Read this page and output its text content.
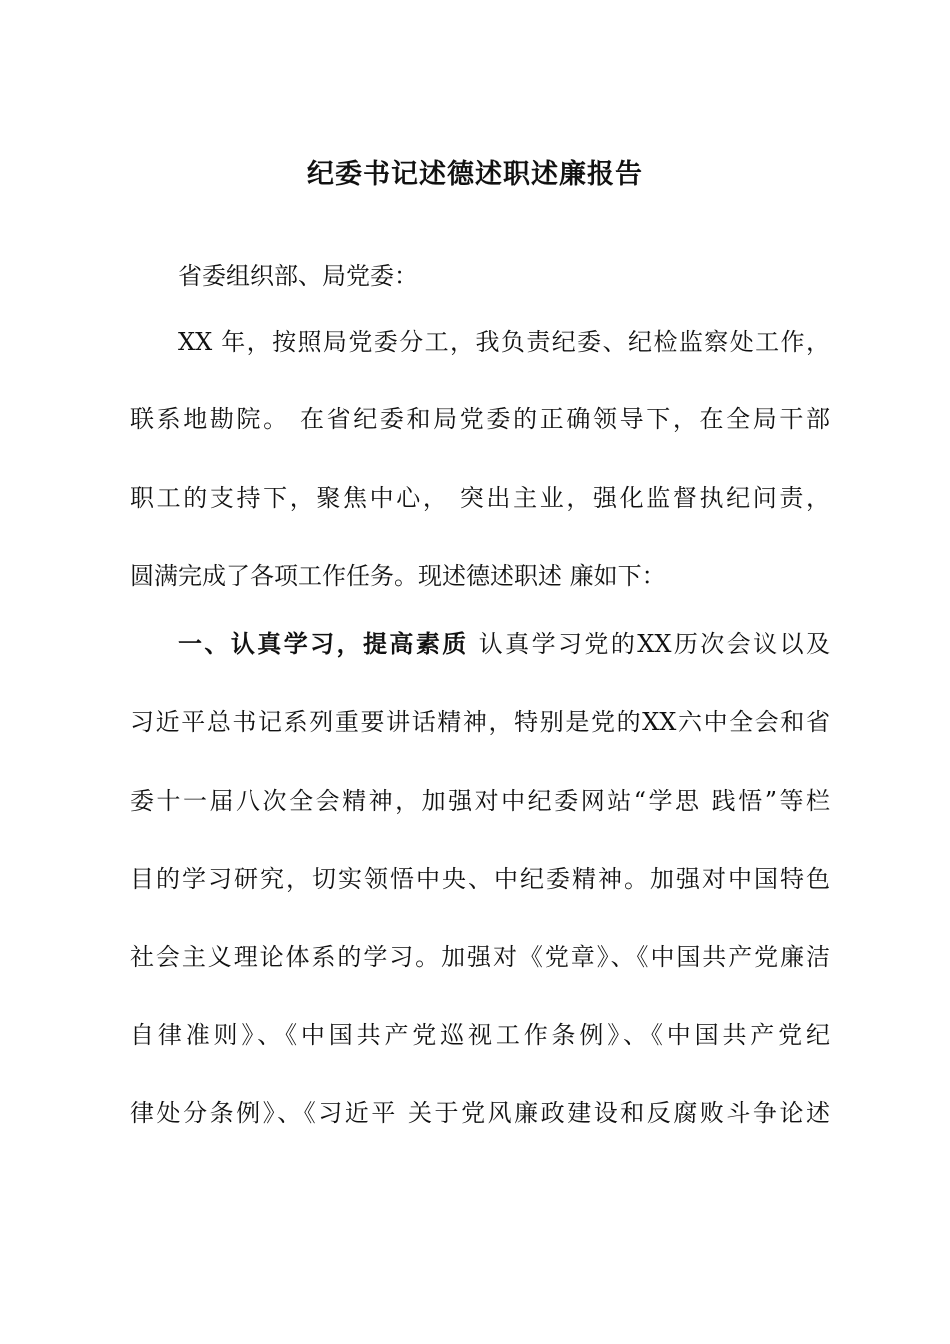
纪委书记述德述职述廉报告
省委组织部、局党委：
XX 年，按照局党委分工，我负责纪委、纪检监察处工作，
联系地勘院。 在省纪委和局党委的正确领导下，在全局干部
职工的支持下，聚焦中心， 突出主业，强化监督执纪问责，
圆满完成了各项工作任务。现述德述职述 廉如下：
一、认真学习，提高素质 认真学习党的XX历次会议以及
习近平总书记系列重要讲话精神，特别是党的XX六中全会和省
委十一届八次全会精神，加强对中纪委网站“学思 践悟”等栏
目的学习研究，切实领悟中央、中纪委精神。加强对中国特色
社会主义理论体系的学习。加强对《党章》、《中国共产党廉洁
自律准则》、《中国共产党巡视工作条例》、《中国共产党纪
律处分条例》、《习近平 关于党风廉政建设和反腐败斗争论述
